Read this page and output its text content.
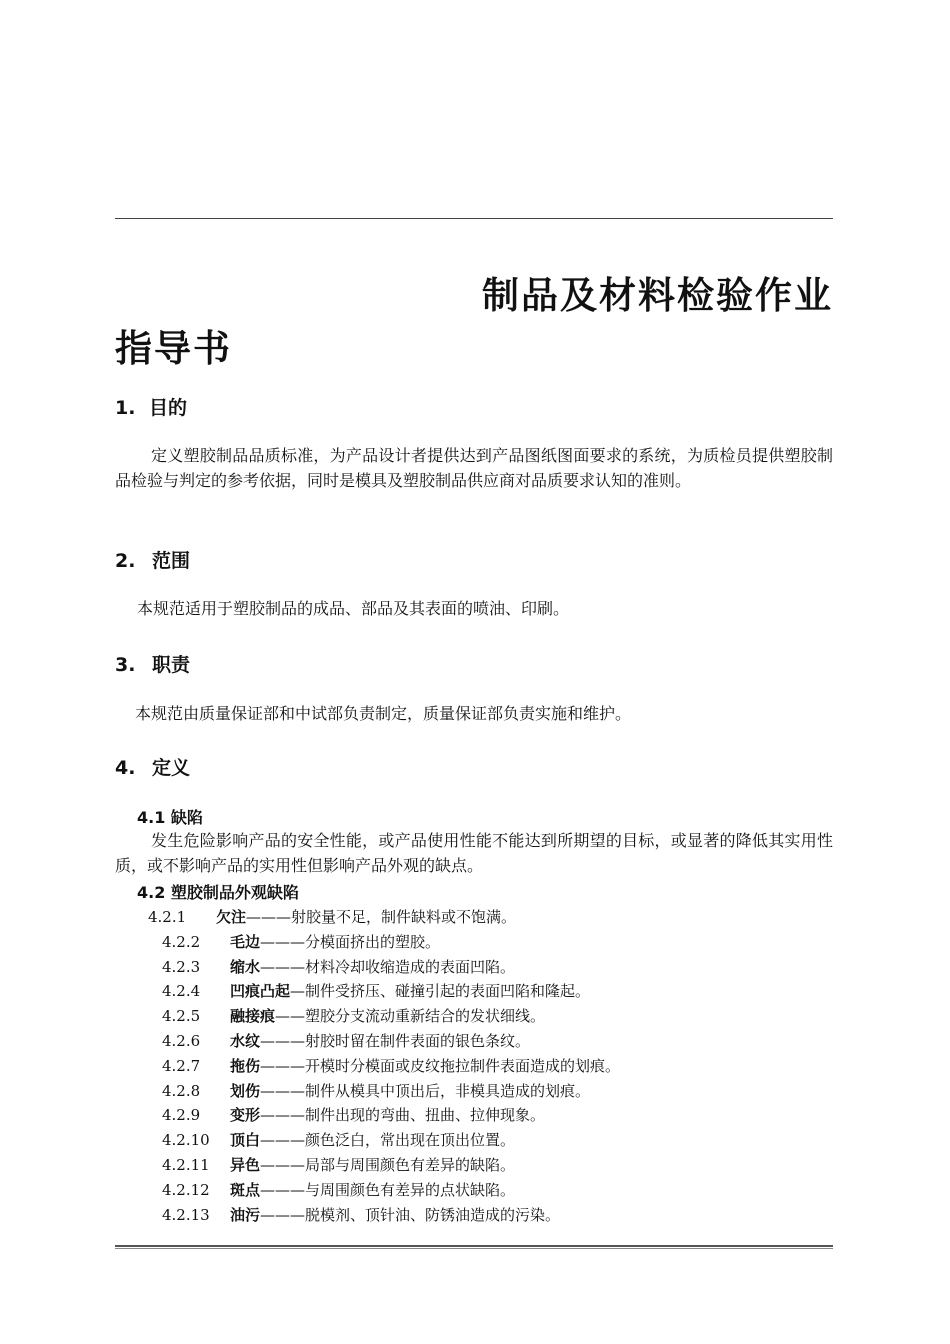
制品及材料检验作业
指导书
1. 目的
定义塑胶制品品质标准，为产品设计者提供达到产品图纸图面要求的系统，为质检员提供塑胶制品检验与判定的参考依据，同时是模具及塑胶制品供应商对品质要求认知的准则。
2. 范围
本规范适用于塑胶制品的成品、部品及其表面的喷油、印刷。
3. 职责
本规范由质量保证部和中试部负责制定，质量保证部负责实施和维护。
4. 定义
4.1 缺陷
发生危险影响产品的安全性能，或产品使用性能不能达到所期望的目标，或显著的降低其实用性质，或不影响产品的实用性但影响产品外观的缺点。
4.2 塑胶制品外观缺陷
4.2.1 欠注———射胶量不足，制件缺料或不饱满。
4.2.2 毛边———分模面挤出的塑胶。
4.2.3 缩水———材料冷却收缩造成的表面凹陷。
4.2.4 凹痕凸起—制件受挤压、碰撞引起的表面凹陷和隆起。
4.2.5 融接痕——塑胶分支流动重新结合的发状细线。
4.2.6 水纹———射胶时留在制件表面的银色条纹。
4.2.7 拖伤———开模时分模面或皮纹拖拉制件表面造成的划痕。
4.2.8 划伤———制件从模具中顶出后，非模具造成的划痕。
4.2.9 变形———制件出现的弯曲、扭曲、拉伸现象。
4.2.10 顶白———颜色泛白，常出现在顶出位置。
4.2.11 异色———局部与周围颜色有差异的缺陷。
4.2.12 斑点———与周围颜色有差异的点状缺陷。
4.2.13 油污———脱模剂、顶针油、防锈油造成的污染。
